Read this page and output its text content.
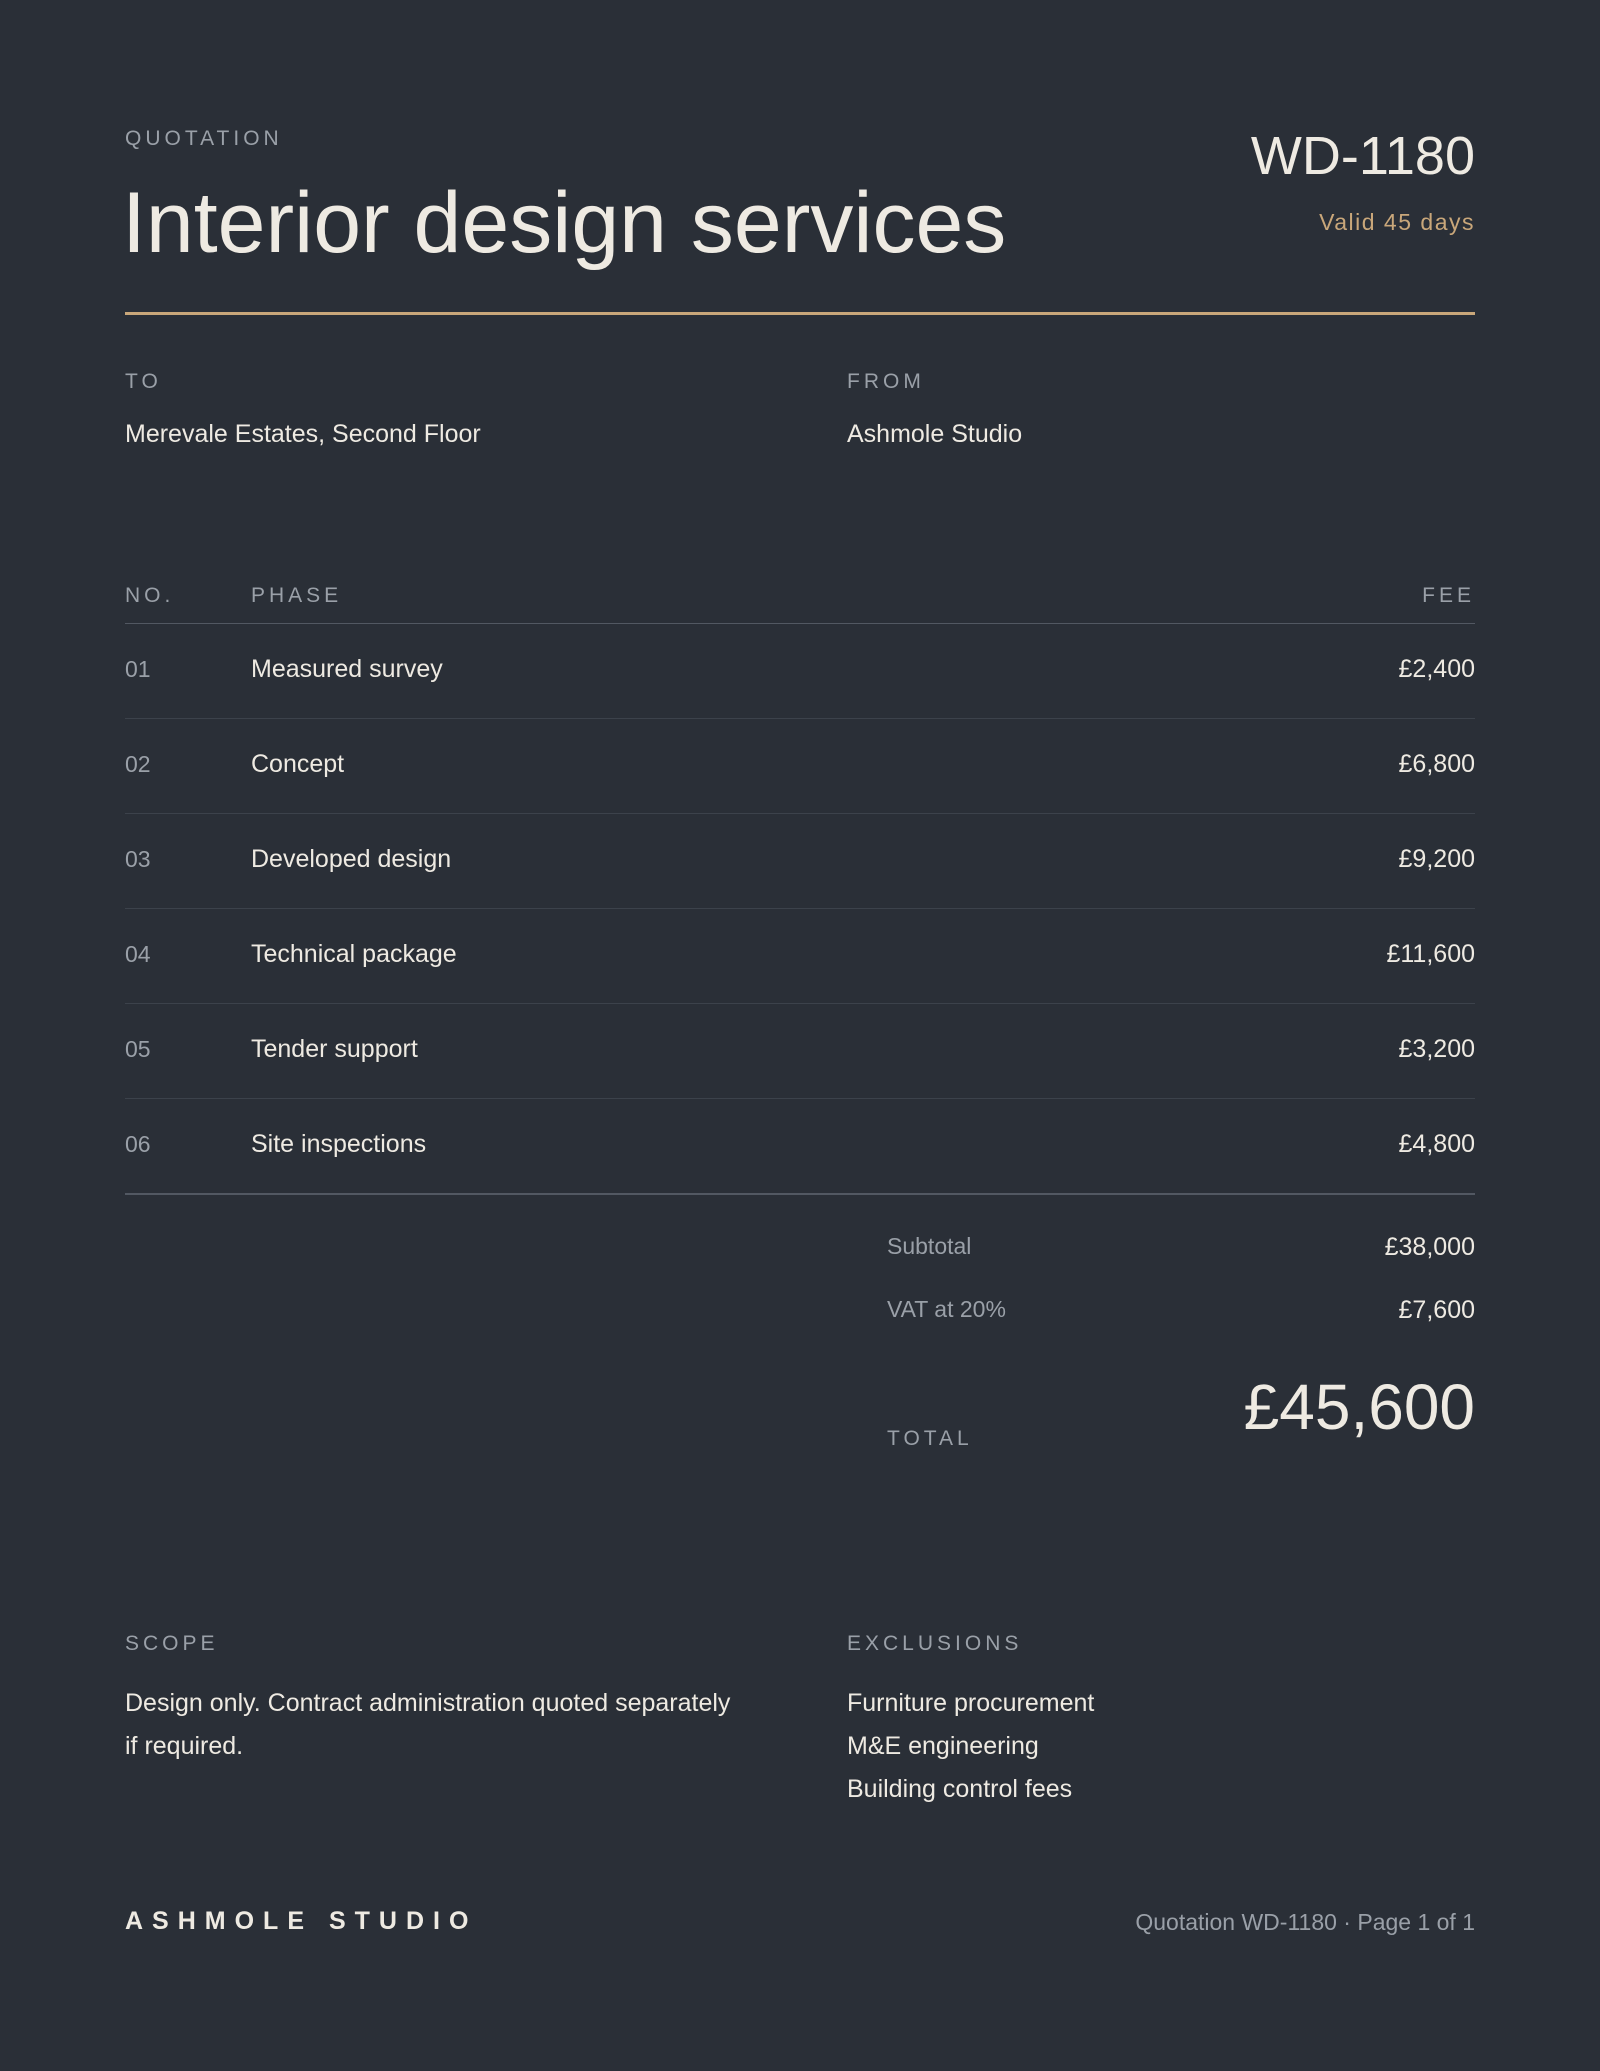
QUOTATION
Interior design services
WD-1180
Valid 45 days
TO
Merevale Estates, Second Floor
FROM
Ashmole Studio
NO.	PHASE	FEE
01	Measured survey	£2,400
02	Concept	£6,800
03	Developed design	£9,200
04	Technical package	£11,600
05	Tender support	£3,200
06	Site inspections	£4,800
Subtotal	£38,000
VAT at 20%	£7,600
TOTAL	£45,600
SCOPE
Design only. Contract administration quoted separately if required.
EXCLUSIONS
Furniture procurement
M&E engineering
Building control fees
ASHMOLE STUDIO	Quotation WD-1180 · Page 1 of 1
